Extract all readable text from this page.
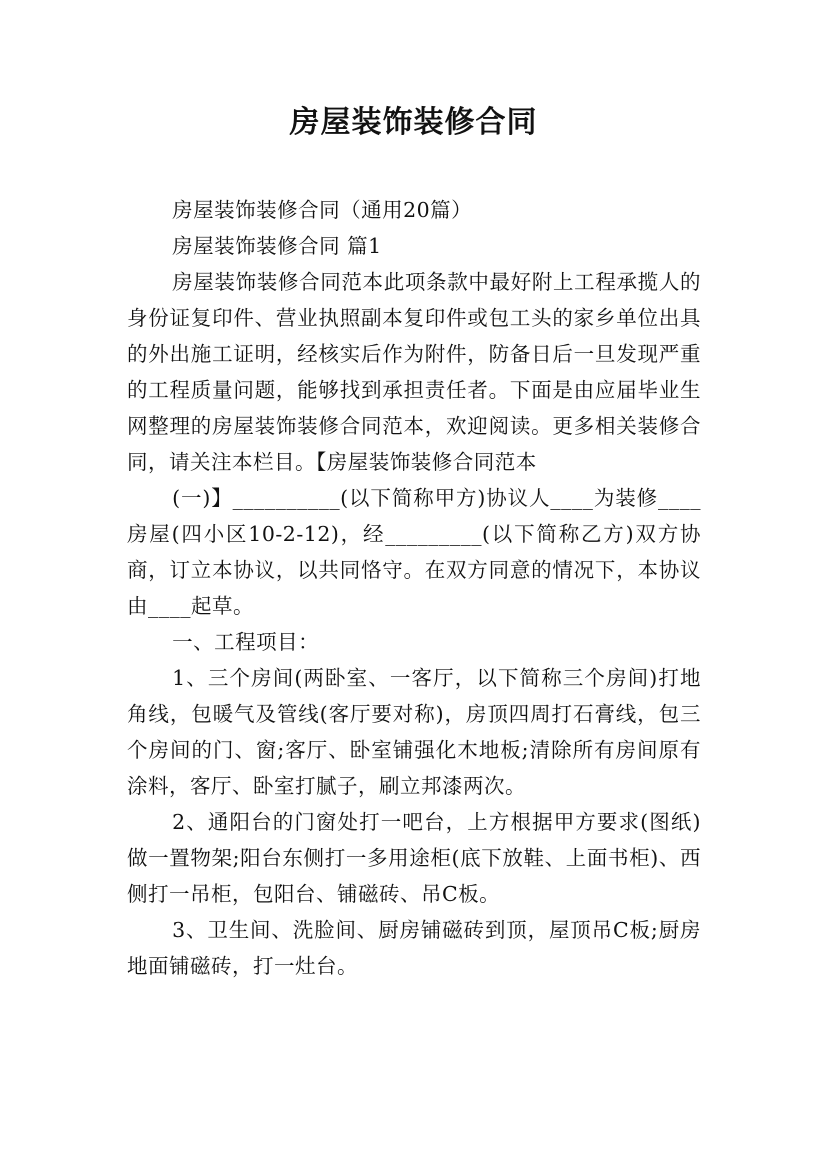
房屋装饰装修合同

房屋装饰装修合同（通用20篇）

房屋装饰装修合同 篇1

房屋装饰装修合同范本此项条款中最好附上工程承揽人的身份证复印件、营业执照副本复印件或包工头的家乡单位出具的外出施工证明，经核实后作为附件，防备日后一旦发现严重的工程质量问题，能够找到承担责任者。下面是由应届毕业生网整理的房屋装饰装修合同范本，欢迎阅读。更多相关装修合同，请关注本栏目。【房屋装饰装修合同范本

(一)】__________(以下简称甲方)协议人____为装修____房屋(四小区10-2-12)，经_________(以下简称乙方)双方协商，订立本协议，以共同恪守。在双方同意的情况下，本协议由____起草。

一、工程项目：

1、三个房间(两卧室、一客厅，以下简称三个房间)打地角线，包暖气及管线(客厅要对称)，房顶四周打石膏线，包三个房间的门、窗;客厅、卧室铺强化木地板;清除所有房间原有涂料，客厅、卧室打腻子，刷立邦漆两次。

2、通阳台的门窗处打一吧台，上方根据甲方要求(图纸)做一置物架;阳台东侧打一多用途柜(底下放鞋、上面书柜)、西侧打一吊柜，包阳台、铺磁砖、吊C板。

3、卫生间、洗脸间、厨房铺磁砖到顶，屋顶吊C板;厨房地面铺磁砖，打一灶台。
